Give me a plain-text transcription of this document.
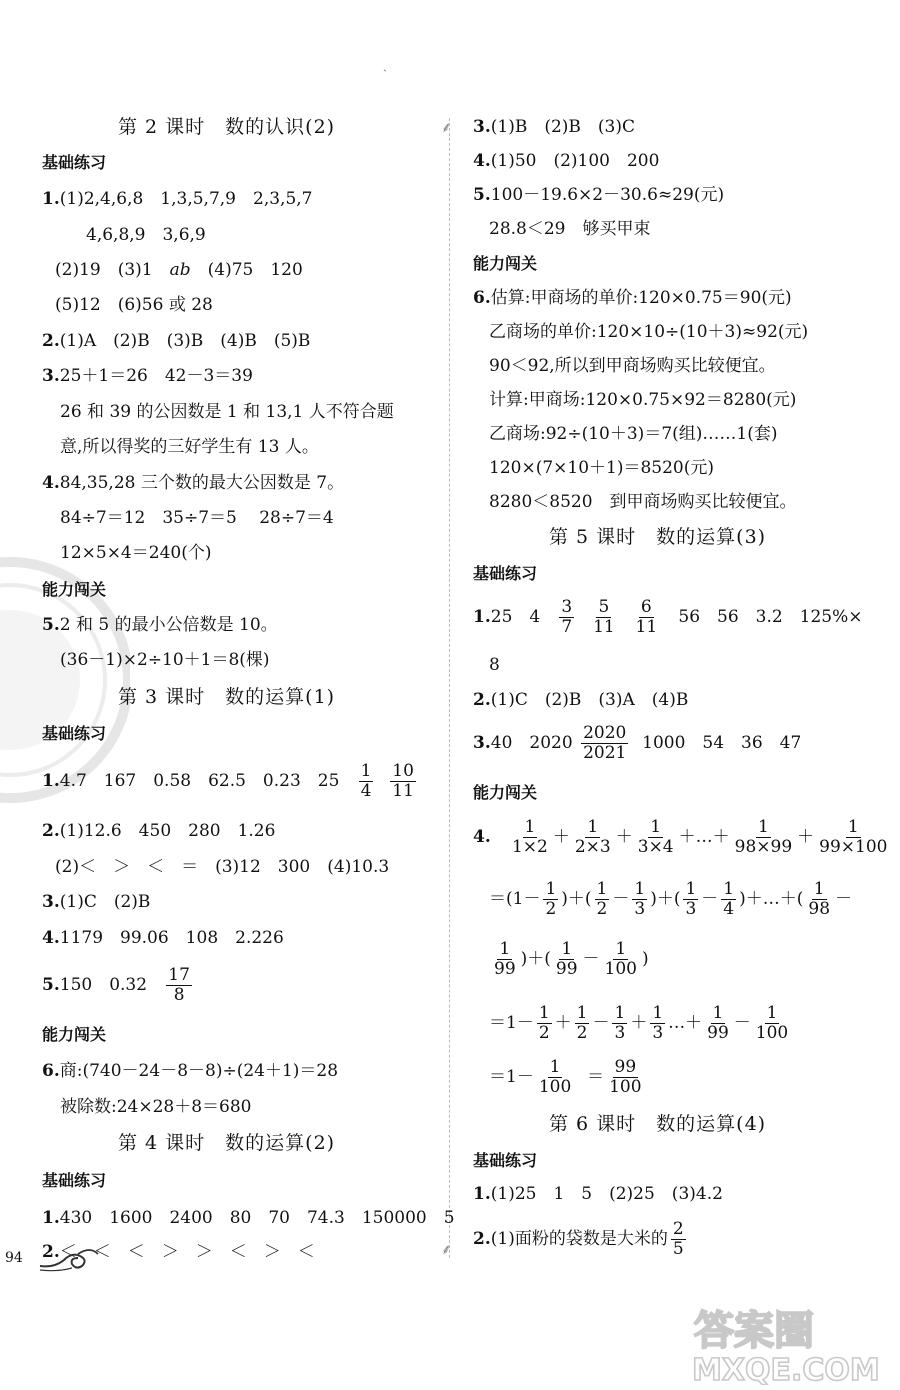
ˏ
⸙
⸙
第 2 课时　数的认识(2)
基础练习
1.(1)2,4,6,8　1,3,5,7,9　2,3,5,7
4,6,8,9　3,6,9
(2)19　(3)1　ab　(4)75　120
(5)12　(6)56 或 28
2.(1)A　(2)B　(3)B　(4)B　(5)B
3.25＋1＝26　42－3＝39
26 和 39 的公因数是 1 和 13,1 人不符合题
意,所以得奖的三好学生有 13 人。
4.84,35,28 三个数的最大公因数是 7。
84÷7＝12　35÷7＝5　 28÷7＝4
12×5×4＝240(个)
能力闯关
5.2 和 5 的最小公倍数是 10。
(36－1)×2÷10＋1＝8(棵)
第 3 课时　数的运算(1)
基础练习
1.4.7　167　0.58　62.5　0.23　$25 \frac{1}{4}$
$\frac{10}{11}$
2.(1)12.6　450　280　1.26
(2)＜　＞　＜　＝　(3)12　300　(4)10.3
3.(1)C　(2)B
4.1179　99.06　108　2.226
5.150　$0.32 \frac{17}{8}$
能力闯关
6.商:(740－24－8－8)÷(24＋1)＝28
被除数:24×28＋8＝680
第 4 课时　数的运算(2)
基础练习
1.430　1600　2400　80　70　74.3　150000　5
2.＜　＜　＜　＞　＞　＜　＞　＜
94
3.(1)B　(2)B　(3)C
4.(1)50　(2)100　200
5.100－19.6×2－30.6≈29(元)
28.8＜29　够买甲束
能力闯关
6.估算:甲商场的单价:120×0.75＝90(元)
乙商场的单价:120×10÷(10＋3)≈92(元)
90＜92,所以到甲商场购买比较便宜。
计算:甲商场:120×0.75×92＝8280(元)
乙商场:92÷(10＋3)＝7(组)……1(套)
120×(7×10＋1)＝8520(元)
8280＜8520　到甲商场购买比较便宜。
第 5 课时　数的运算(3)
基础练习
1.25　$4 \frac{3}{7}$
$\frac{5}{11}$
$\frac{6}{11} 56$　56　3.2　125%×
8
2.(1)C　(2)B　(3)A　(4)B
3.40　$2020 \frac{2020}{2021} 1000$　54　36　47
能力闯关
4. $\frac{1}{1\times 2} + \frac{1}{2\times 3} + \frac{1}{3\times 4}$ ＋…＋ $\frac{1}{98\times 99} + \frac{1}{99\times 100}$
$=(1- \frac{1}{2}$ )＋( $\frac{1}{2} - \frac{1}{3}$ )＋( $\frac{1}{3} - \frac{1}{4}$ )＋…＋( $\frac{1}{98}$ －
$\frac{1}{99}$ )＋( $\frac{1}{99} - \frac{1}{100}$ )
$=1- \frac{1}{2} + \frac{1}{2} - \frac{1}{3} + \frac{1}{3}$ …＋ $\frac{1}{99} - \frac{1}{100}$
$=1- \frac{1}{100} = \frac{99}{100}$
第 6 课时　数的运算(4)
基础练习
1.(1)25　1　5　(2)25　(3)4.2
2.(1)面粉的袋数是大米的 $\frac{2}{5}$
答案圈
MXQE.COM
